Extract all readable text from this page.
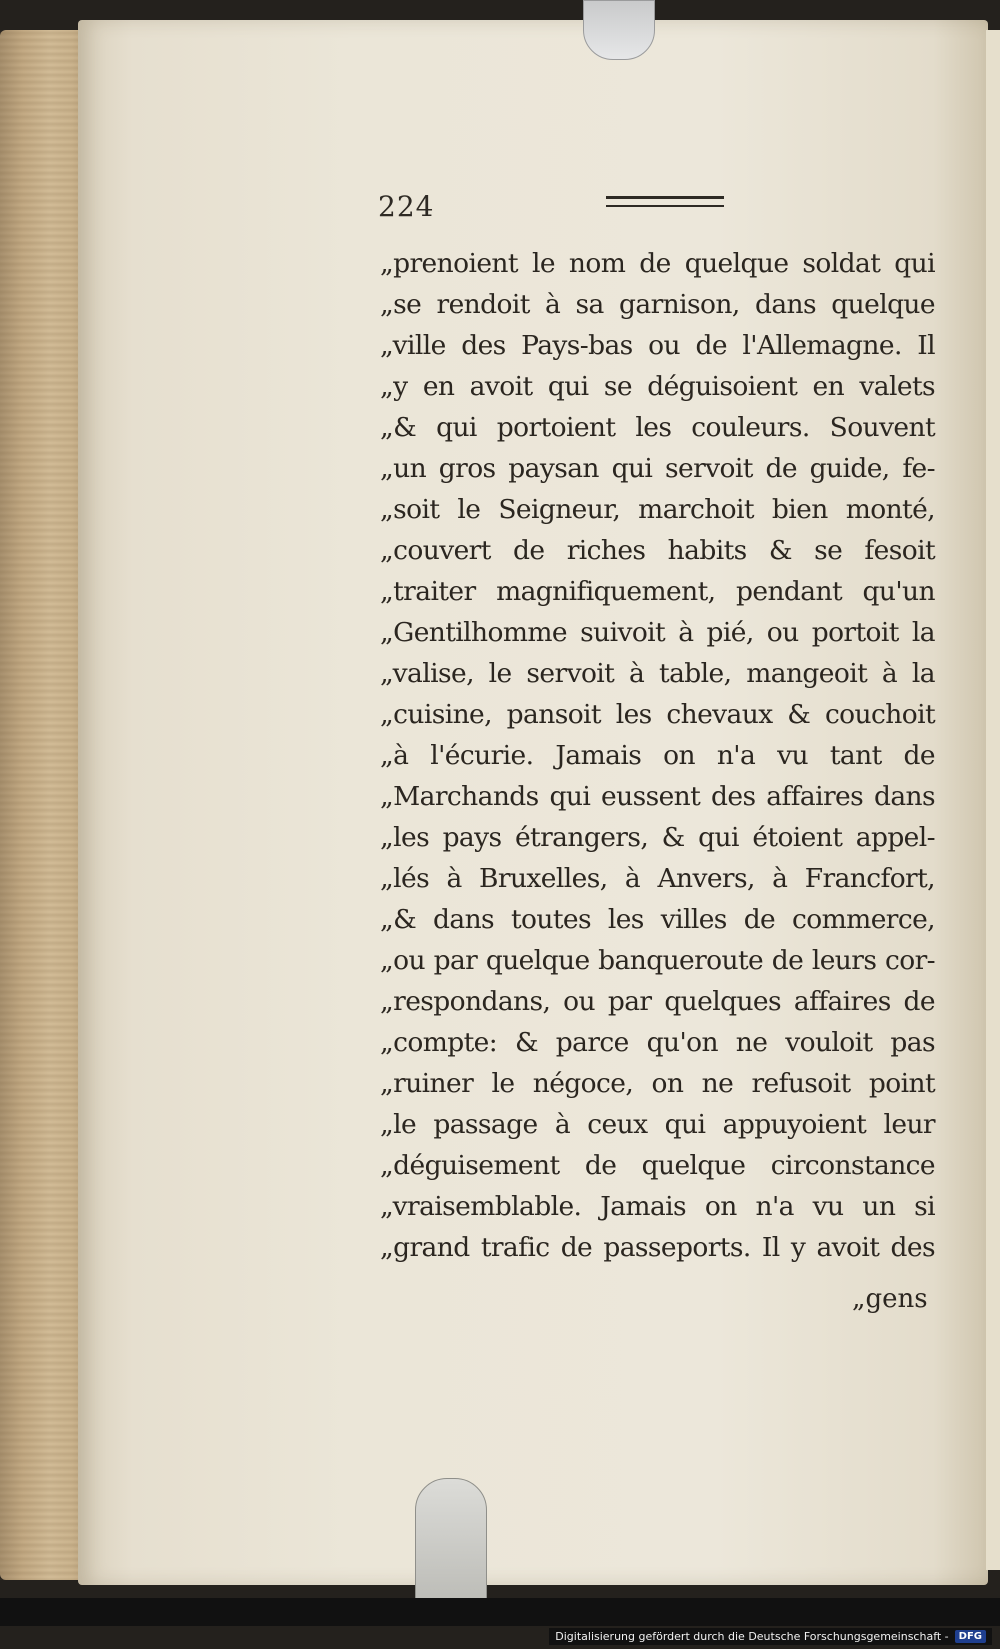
224
„prenoient le nom de quelque soldat qui
„se rendoit à sa garnison, dans quelque
„ville des Pays-bas ou de l'Allemagne. Il
„y en avoit qui se déguisoient en valets
„& qui portoient les couleurs. Souvent
„un gros paysan qui servoit de guide, fe-
„soit le Seigneur, marchoit bien monté,
„couvert de riches habits & se fesoit
„traiter magnifiquement, pendant qu'un
„Gentilhomme suivoit à pié, ou portoit la
„valise, le servoit à table, mangeoit à la
„cuisine, pansoit les chevaux & couchoit
„à l'écurie. Jamais on n'a vu tant de
„Marchands qui eussent des affaires dans
„les pays étrangers, & qui étoient appel-
„lés à Bruxelles, à Anvers, à Francfort,
„& dans toutes les villes de commerce,
„ou par quelque banqueroute de leurs cor-
„respondans, ou par quelques affaires de
„compte: & parce qu'on ne vouloit pas
„ruiner le négoce, on ne refusoit point
„le passage à ceux qui appuyoient leur
„déguisement de quelque circonstance
„vraisemblable. Jamais on n'a vu un si
„grand trafic de passeports. Il y avoit des
„gens
Digitalisierung gefördert durch die Deutsche Forschungsgemeinschaft -	DFG
